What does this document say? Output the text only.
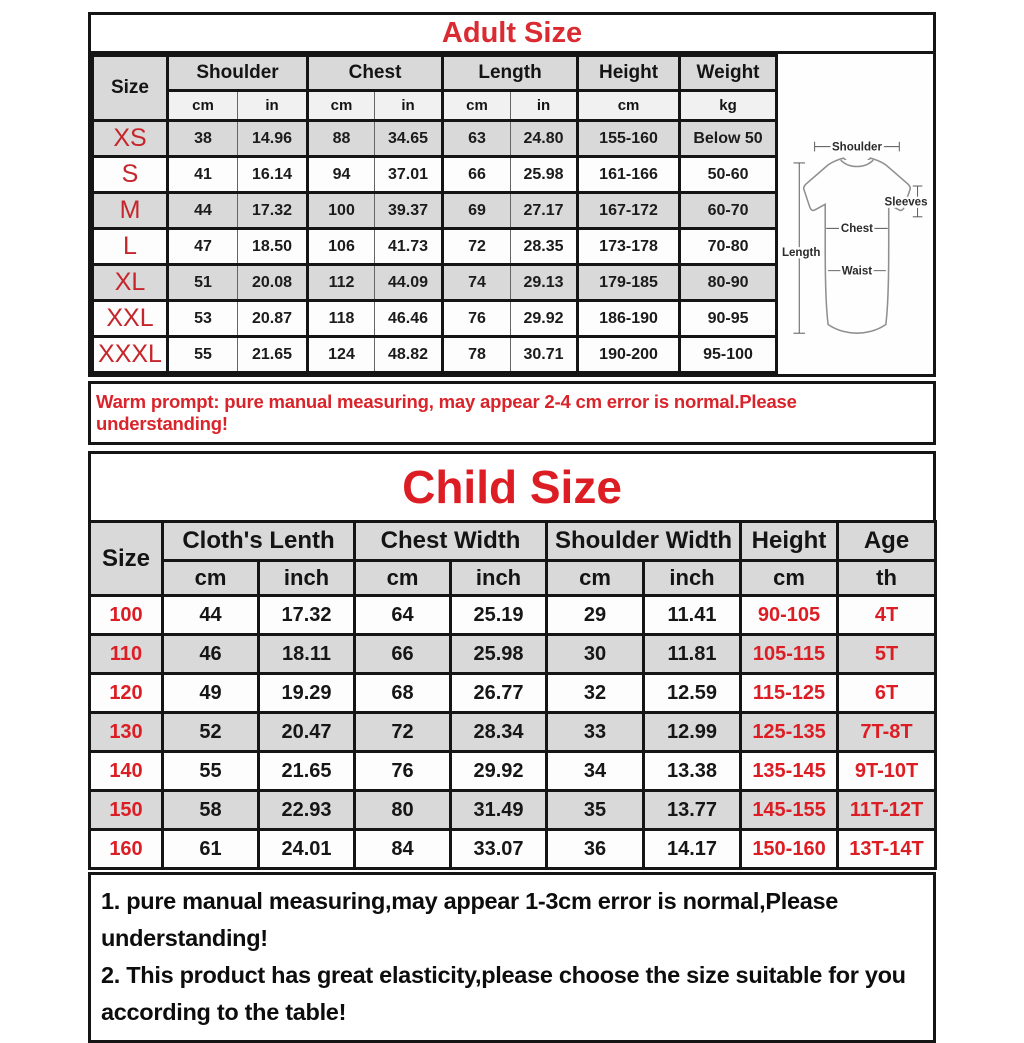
Adult Size
Size	Shoulder		Chest		Length		Height	Weight
	cm	in	cm	in	cm	in	cm	kg
XS	38	14.96	88	34.65	63	24.80	155-160	Below 50
S	41	16.14	94	37.01	66	25.98	161-166	50-60
M	44	17.32	100	39.37	69	27.17	167-172	60-70
L	47	18.50	106	41.73	72	28.35	173-178	70-80
XL	51	20.08	112	44.09	74	29.13	179-185	80-90
XXL	53	20.87	118	46.46	76	29.92	186-190	90-95
XXXL	55	21.65	124	48.82	78	30.71	190-200	95-100
Shoulder
Sleeves
Chest
Waist
Length
Warm prompt: pure manual measuring, may appear 2-4 cm error is normal.Please understanding!
Child Size
Size	Cloth's Lenth		Chest Width		Shoulder Width		Height	Age
	cm	inch	cm	inch	cm	inch	cm	th
100	44	17.32	64	25.19	29	11.41	90-105	4T
110	46	18.11	66	25.98	30	11.81	105-115	5T
120	49	19.29	68	26.77	32	12.59	115-125	6T
130	52	20.47	72	28.34	33	12.99	125-135	7T-8T
140	55	21.65	76	29.92	34	13.38	135-145	9T-10T
150	58	22.93	80	31.49	35	13.77	145-155	11T-12T
160	61	24.01	84	33.07	36	14.17	150-160	13T-14T

1. pure manual measuring,may appear 1-3cm error is normal,Please understanding!

2. This product has great elasticity,please choose the size suitable for you according to the table!
